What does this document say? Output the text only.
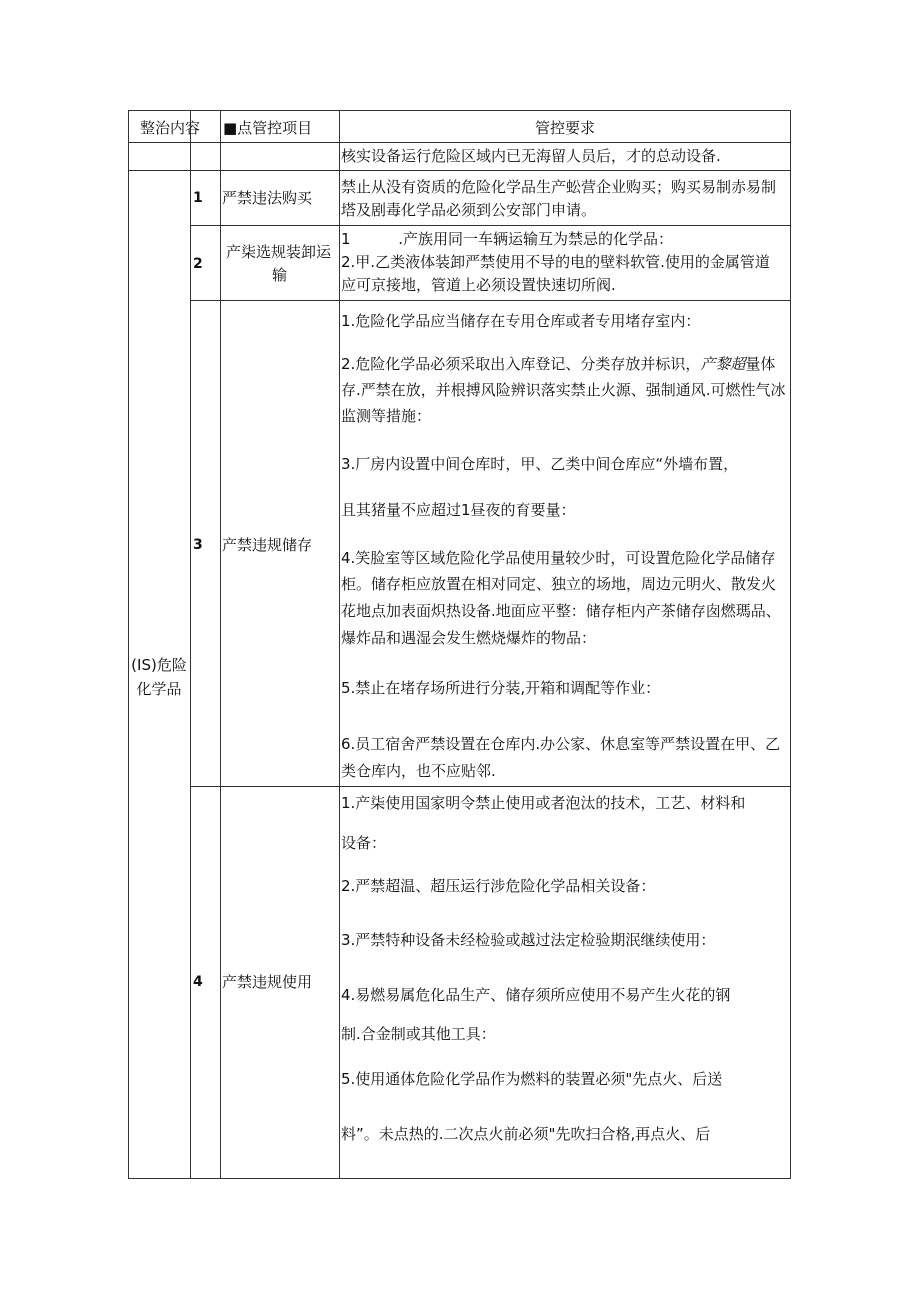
整治内容 ■点管控项目	管控要求
核实设备运行危险区域内已无海留人员后，才的总动设备.
(IS)危险
化学品
1 严禁违法购买
禁止从没有资质的危险化学品生产蚣营企业购买；购买易制赤易制
塔及剧毒化学品必须到公安部门申请。
2
产柒选规装卸运
输
1          .产族用同一车辆运输互为禁忌的化学品：
2.甲.乙类液体装卸严禁使用不导的电的壁料软管.使用的金属管道
应可京接地，管道上必须设置快速切所阀.
3 产禁违规储存
1.危险化学品应当储存在专用仓库或者专用堵存室内：
2.危险化学品必须采取出入库登记、分类存放并标识，产黎超量体
存.严禁在放，并根搏风险辨识落实禁止火源、强制通风.可燃性气冰
监测等措施：
3.厂房内设置中间仓库时，甲、乙类中间仓库应“外墙布置，
且其猪量不应超过1昼夜的育要量：
4.笑脸室等区域危险化学品使用量较少时，可设置危险化学品储存
柜。储存柜应放置在相对同定、独立的场地，周边元明火、散发火
花地点加表面炽热设备.地面应平整：储存柜内产茶储存囱燃瑪品、
爆炸品和遇湿会发生燃烧爆炸的物品：
5.禁止在堵存场所进行分装,开箱和调配等作业：
6.员工宿舍严禁设置在仓库内.办公家、休息室等严禁设置在甲、乙
类仓库内，也不应贴邻.
4 产禁违规使用
1.产柒使用国家明令禁止使用或者泡汰的技术，工艺、材料和
设备：
2.严禁超温、超压运行涉危险化学品相关设备：
3.严禁特种设备未经检验或越过法定检验期泯继续使用：
4.易燃易属危化品生产、储存须所应使用不易产生火花的钢
制.合金制或其他工具：
5.使用通体危险化学品作为燃料的装置必须"先点火、后送
料”。未点热的.二次点火前必须"先吹扫合格,再点火、后
